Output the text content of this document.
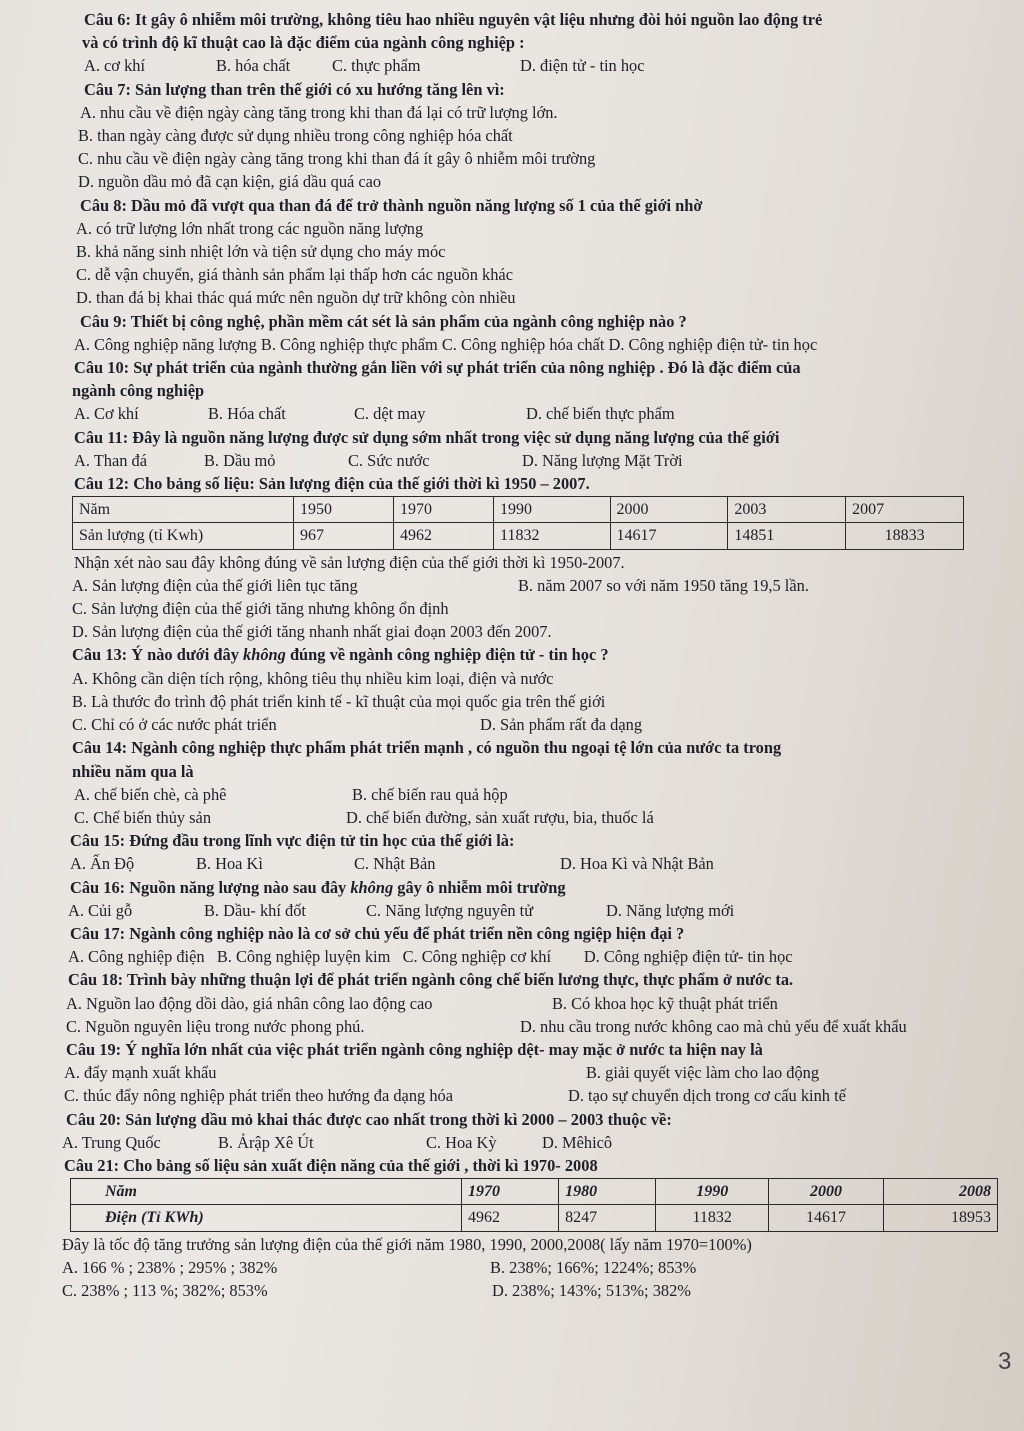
Câu 6: It gây ô nhiễm môi trường, không tiêu hao nhiều nguyên vật liệu nhưng đòi hỏi nguồn lao động trẻ
và có trình độ kĩ thuật cao là đặc điểm của ngành công nghiệp :
A. cơ khí	B. hóa chất	C. thực phẩm	D. điện tử - tin học
Câu 7: Sản lượng than trên thế giới có xu hướng tăng lên vì:
A. nhu cầu về điện ngày càng tăng trong khi than đá lại có trữ lượng lớn.
B. than ngày càng được sử dụng nhiều trong công nghiệp hóa chất
C. nhu cầu về điện ngày càng tăng trong khi than đá ít gây ô nhiễm môi trường
D. nguồn dầu mỏ đã cạn kiện, giá dầu quá cao
Câu 8: Dầu mỏ đã vượt qua than đá để trở thành nguồn năng lượng số 1 của thế giới nhờ
A. có trữ lượng lớn nhất trong các nguồn năng lượng
B. khả năng sinh nhiệt lớn và tiện sử dụng cho máy móc
C. dễ vận chuyển, giá thành sản phẩm lại thấp hơn các nguồn khác
D. than đá bị khai thác quá mức nên nguồn dự trữ không còn nhiều
Câu 9: Thiết bị công nghệ, phần mềm cát sét là sản phẩm của ngành công nghiệp nào ?
A. Công nghiệp năng lượng B. Công nghiệp thực phẩm C. Công nghiệp hóa chất D. Công nghiệp điện tử- tin học
Câu 10: Sự phát triển của ngành thường gắn liền với sự phát triển của nông nghiệp . Đó là đặc điểm của
ngành công nghiệp
A. Cơ khí	B. Hóa chất	C. dệt may	D. chế biến thực phẩm
Câu 11: Đây là nguồn năng lượng được sử dụng sớm nhất trong việc sử dụng năng lượng của thế giới
A. Than đá	B. Dầu mỏ	C. Sức nước	D. Năng lượng Mặt Trời
Câu 12: Cho bảng số liệu: Sản lượng điện của thế giới thời kì 1950 – 2007.
Năm	1950	1970	1990	2000	2003	2007
Sản lượng (tỉ Kwh)	967	4962	11832	14617	14851	18833
Nhận xét nào sau đây không đúng về sản lượng điện của thế giới thời kì 1950-2007.
A. Sản lượng điện của thế giới liên tục tăng	B. năm 2007 so với năm 1950 tăng 19,5 lần.
C. Sản lượng điện của thế giới tăng nhưng không ổn định
D. Sản lượng điện của thế giới tăng nhanh nhất giai đoạn 2003 đến 2007.
Câu 13: Ý nào dưới đây không đúng về ngành công nghiệp điện tử - tin học ?
A. Không cần diện tích rộng, không tiêu thụ nhiều kim loại, điện và nước
B. Là thước đo trình độ phát triển kinh tế - kĩ thuật của mọi quốc gia trên thế giới
C. Chỉ có ở các nước phát triển	D. Sản phẩm rất đa dạng
Câu 14: Ngành công nghiệp thực phẩm phát triển mạnh , có nguồn thu ngoại tệ lớn của nước ta trong
nhiều năm qua là
A. chế biến chè, cà phê	B. chế biến rau quả hộp
C. Chế biến thủy sản	D. chế biến đường, sản xuất rượu, bia, thuốc lá
Câu 15: Đứng đầu trong lĩnh vực điện tử tin học của thế giới là:
A. Ấn Độ	B. Hoa Kì	C. Nhật Bản	D. Hoa Kì và Nhật Bản
Câu 16: Nguồn năng lượng nào sau đây không gây ô nhiễm môi trường
A. Củi gỗ	B. Dầu- khí đốt	C. Năng lượng nguyên tử	D. Năng lượng mới
Câu 17: Ngành công nghiệp nào là cơ sở chủ yếu để phát triển nền công ngiệp hiện đại ?
A. Công nghiệp điện   B. Công nghiệp luyện kim   C. Công nghiệp cơ khí        D. Công nghiệp điện tử- tin học
Câu 18: Trình bày những thuận lợi để phát triển ngành công chế biến lương thực, thực phẩm ở nước ta.
A. Nguồn lao động dồi dào, giá nhân công lao động cao	B. Có khoa học kỹ thuật phát triển
C. Nguồn nguyên liệu trong nước phong phú.	D. nhu cầu trong nước không cao mà chủ yếu để xuất khẩu
Câu 19: Ý nghĩa lớn nhất của việc phát triển ngành công nghiệp dệt- may mặc ở nước ta hiện nay là
A. đẩy mạnh xuất khẩu	B. giải quyết việc làm cho lao động
C. thúc đẩy nông nghiệp phát triển theo hướng đa dạng hóa	D. tạo sự chuyển dịch trong cơ cấu kinh tế
Câu 20: Sản lượng dầu mỏ khai thác được cao nhất trong thời kì 2000 – 2003 thuộc về:
A. Trung Quốc	B. Ảrập Xê Út	C. Hoa Kỳ	D. Mêhicô
Câu 21: Cho bảng số liệu sản xuất điện năng của thế giới , thời kì 1970- 2008
Năm	1970	1980	1990	2000	2008
Điện (Tỉ KWh)	4962	8247	11832	14617	18953
Đây là tốc độ tăng trưởng sản lượng điện của thế giới năm 1980, 1990, 2000,2008( lấy năm 1970=100%)
A. 166 % ; 238% ; 295% ; 382%	B. 238%; 166%; 1224%; 853%
C. 238% ; 113 %; 382%; 853%	D. 238%; 143%; 513%; 382%
3
